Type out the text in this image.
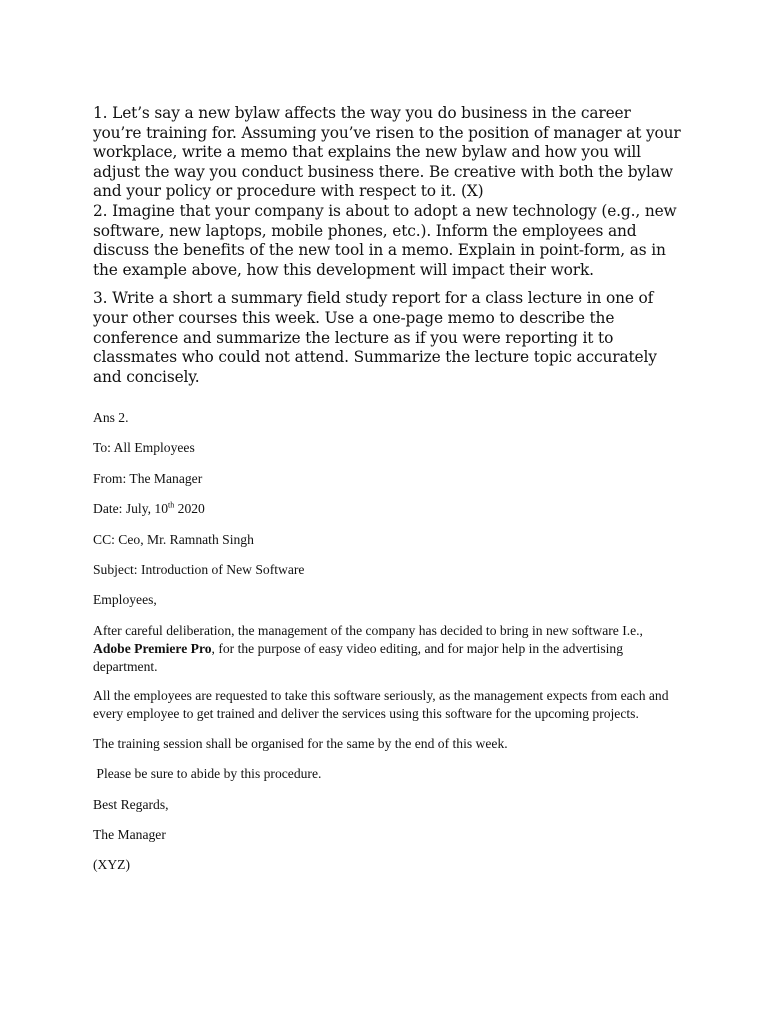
1. Let’s say a new bylaw affects the way you do business in the career you’re training for. Assuming you’ve risen to the position of manager at your workplace, write a memo that explains the new bylaw and how you will adjust the way you conduct business there. Be creative with both the bylaw and your policy or procedure with respect to it. (X)

2. Imagine that your company is about to adopt a new technology (e.g., new software, new laptops, mobile phones, etc.). Inform the employees and discuss the benefits of the new tool in a memo. Explain in point-form, as in the example above, how this development will impact their work.

3. Write a short a summary field study report for a class lecture in one of your other courses this week. Use a one-page memo to describe the conference and summarize the lecture as if you were reporting it to classmates who could not attend. Summarize the lecture topic accurately and concisely.

Ans 2.

To: All Employees

From: The Manager

Date: July, 10th 2020

CC: Ceo, Mr. Ramnath Singh

Subject: Introduction of New Software

Employees,

After careful deliberation, the management of the company has decided to bring in new software I.e., Adobe Premiere Pro, for the purpose of easy video editing, and for major help in the advertising department.

All the employees are requested to take this software seriously, as the management expects from each and every employee to get trained and deliver the services using this software for the upcoming projects.

The training session shall be organised for the same by the end of this week.

Please be sure to abide by this procedure.

Best Regards,

The Manager

(XYZ)
